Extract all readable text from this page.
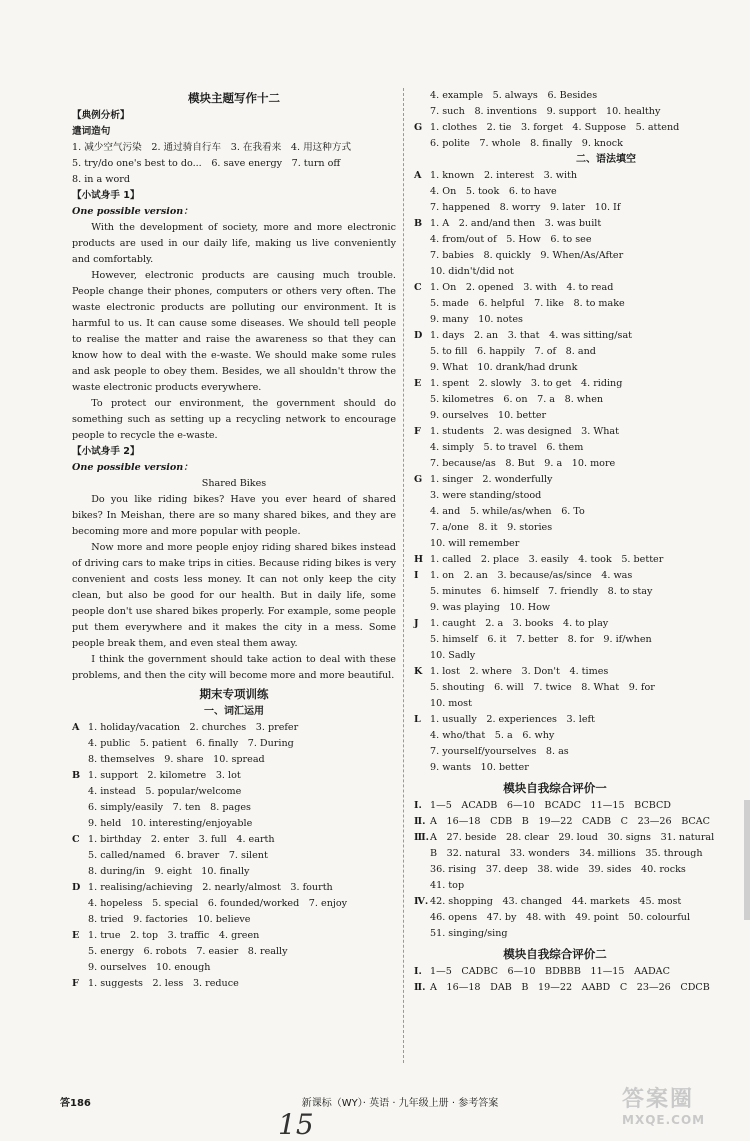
模块主题写作十二
【典例分析】
遣词造句
1. 减少空气污染　2. 通过骑自行车　3. 在我看来　4. 用这种方式
5. try/do one's best to do...　6. save energy　7. turn off
8. in a word
【小试身手 1】
One possible version：

With the development of society, more and more electronic products are used in our daily life, making us live conveniently and comfortably.

However, electronic products are causing much trouble. People change their phones, computers or others very often. The waste electronic products are polluting our environment. It is harmful to us. It can cause some diseases. We should tell people to realise the matter and raise the awareness so that they can know how to deal with the e-waste. We should make some rules and ask people to obey them. Besides, we all shouldn't throw the waste electronic products everywhere.

To protect our environment, the government should do something such as setting up a recycling network to encourage people to recycle the e-waste.

【小试身手 2】
One possible version：
Shared Bikes

Do you like riding bikes? Have you ever heard of shared bikes? In Meishan, there are so many shared bikes, and they are becoming more and more popular with people.

Now more and more people enjoy riding shared bikes instead of driving cars to make trips in cities. Because riding bikes is very convenient and costs less money. It can not only keep the city clean, but also be good for our health. But in daily life, some people don't use shared bikes properly. For example, some people put them everywhere and it makes the city in a mess. Some people break them, and even steal them away.

I think the government should take action to deal with these problems, and then the city will become more and more beautiful.

期末专项训练
一、词汇运用
A 1. holiday/vacation　2. churches　3. prefer
4. public　5. patient　6. finally　7. During
8. themselves　9. share　10. spread
B 1. support　2. kilometre　3. lot
4. instead　5. popular/welcome
6. simply/easily　7. ten　8. pages
9. held　10. interesting/enjoyable
C 1. birthday　2. enter　3. full　4. earth
5. called/named　6. braver　7. silent
8. during/in　9. eight　10. finally
D 1. realising/achieving　2. nearly/almost　3. fourth
4. hopeless　5. special　6. founded/worked　7. enjoy
8. tried　9. factories　10. believe
E 1. true　2. top　3. traffic　4. green
5. energy　6. robots　7. easier　8. really
9. ourselves　10. enough
F 1. suggests　2. less　3. reduce
4. example　5. always　6. Besides
7. such　8. inventions　9. support　10. healthy
G 1. clothes　2. tie　3. forget　4. Suppose　5. attend
6. polite　7. whole　8. finally　9. knock
二、语法填空
A 1. known　2. interest　3. with
4. On　5. took　6. to have
7. happened　8. worry　9. later　10. If
B 1. A　2. and/and then　3. was built
4. from/out of　5. How　6. to see
7. babies　8. quickly　9. When/As/After
10. didn't/did not
C 1. On　2. opened　3. with　4. to read
5. made　6. helpful　7. like　8. to make
9. many　10. notes
D 1. days　2. an　3. that　4. was sitting/sat
5. to fill　6. happily　7. of　8. and
9. What　10. drank/had drunk
E 1. spent　2. slowly　3. to get　4. riding
5. kilometres　6. on　7. a　8. when
9. ourselves　10. better
F 1. students　2. was designed　3. What
4. simply　5. to travel　6. them
7. because/as　8. But　9. a　10. more
G 1. singer　2. wonderfully
3. were standing/stood
4. and　5. while/as/when　6. To
7. a/one　8. it　9. stories
10. will remember
H 1. called　2. place　3. easily　4. took　5. better
I	1. on　2. an　3. because/as/since　4. was
5. minutes　6. himself　7. friendly　8. to stay
9. was playing　10. How
J	1. caught　2. a　3. books　4. to play
5. himself　6. it　7. better　8. for　9. if/when
10. Sadly
K 1. lost　2. where　3. Don't　4. times
5. shouting　6. will　7. twice　8. What　9. for
10. most
L 1. usually　2. experiences　3. left
4. who/that　5. a　6. why
7. yourself/yourselves　8. as
9. wants　10. better
模块自我综合评价一
Ⅰ. 1—5　ACADB　6—10　BCADC　11—15　BCBCD
Ⅱ. A　16—18　CDB　B　19—22　CADB　C　23—26　BCAC
Ⅲ. A　27. beside　28. clear　29. loud　30. signs　31. natural
B　32. natural　33. wonders　34. millions　35. through
36. rising　37. deep　38. wide　39. sides　40. rocks
41. top
Ⅳ. 42. shopping　43. changed　44. markets　45. most
46. opens　47. by　48. with　49. point　50. colourful
51. singing/sing
模块自我综合评价二
Ⅰ. 1—5　CADBC　6—10　BDBBB　11—15　AADAC
Ⅱ. A　16—18　DAB　B　19—22　AABD　C　23—26　CDCB
答186	新课标（WY）· 英语 · 九年级上册 · 参考答案
15
答案圈
MXQE.COM
